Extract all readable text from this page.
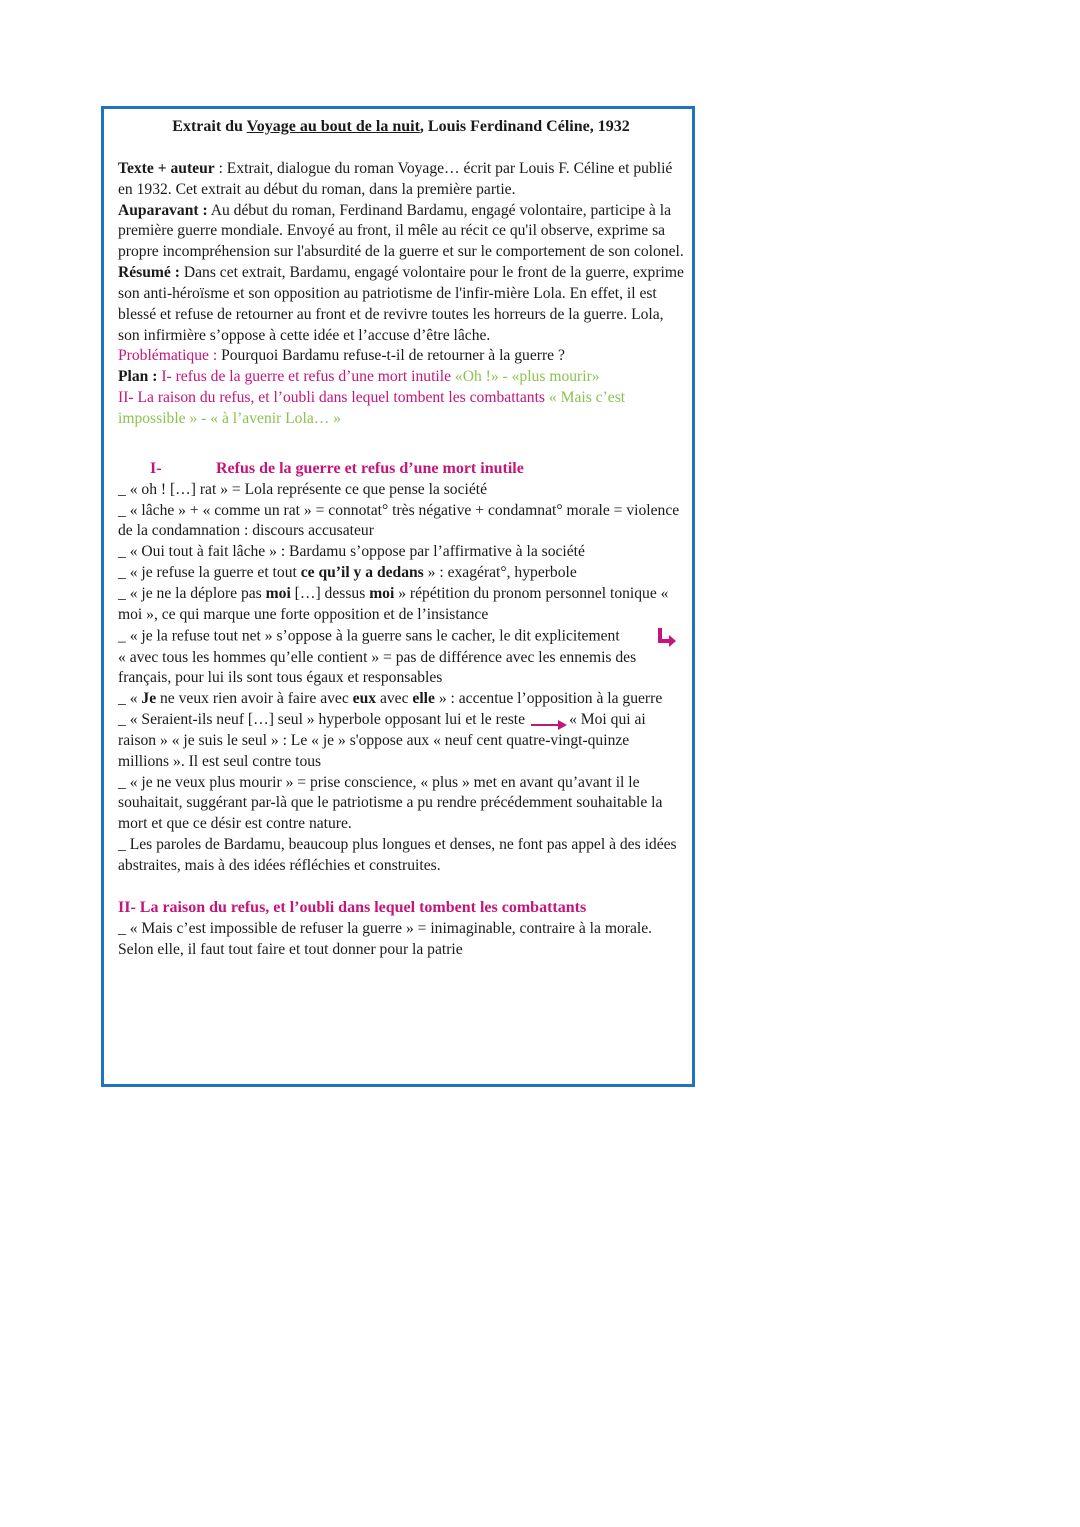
Extrait du Voyage au bout de la nuit, Louis Ferdinand Céline, 1932

Texte + auteur : Extrait, dialogue du roman Voyage… écrit par Louis F. Céline et publié en 1932. Cet extrait au début du roman, dans la première partie.

Auparavant : Au début du roman, Ferdinand Bardamu, engagé volontaire, participe à la première guerre mondiale. Envoyé au front, il mêle au récit ce qu'il observe, exprime sa propre incompréhension sur l'absurdité de la guerre et sur le comportement de son colonel.

Résumé : Dans cet extrait, Bardamu, engagé volontaire pour le front de la guerre, exprime son anti-héroïsme et son opposition au patriotisme de l'infir-mière Lola. En effet, il est blessé et refuse de retourner au front et de revivre toutes les horreurs de la guerre. Lola, son infirmière s’oppose à cette idée et l’accuse d’être lâche.

Problématique : Pourquoi Bardamu refuse-t-il de retourner à la guerre ?

Plan : I- refus de la guerre et refus d’une mort inutile «Oh !» - «plus mourir»

II- La raison du refus, et l’oubli dans lequel tombent les combattants « Mais c’est impossible » - « à l’avenir Lola… »

I-	Refus de la guerre et refus d’une mort inutile

_ « oh ! […] rat » = Lola représente ce que pense la société

_ « lâche » + « comme un rat » = connotat° très négative + condamnat° morale = violence de la condamnation : discours accusateur

_ « Oui tout à fait lâche » : Bardamu s’oppose par l’affirmative à la société

_ « je refuse la guerre et tout ce qu’il y a dedans » : exagérat°, hyperbole

_ « je ne la déplore pas moi […] dessus moi » répétition du pronom personnel tonique « moi », ce qui marque une forte opposition et de l’insistance

_ « je la refuse tout net » s’oppose à la guerre sans le cacher, le dit explicitement« avec tous les hommes qu’elle contient » = pas de différence avec les ennemis des français, pour lui ils sont tous égaux et responsables

_ « Je ne veux rien avoir à faire avec eux avec elle » : accentue l’opposition à la guerre

_ « Seraient-ils neuf […] seul » hyperbole opposant lui et le reste	« Moi qui ai raison » « je suis le seul » : Le « je » s'oppose aux « neuf cent quatre-vingt-quinze millions ». Il est seul contre tous

_ « je ne veux plus mourir » = prise conscience, « plus » met en avant qu’avant il le souhaitait, suggérant par-là que le patriotisme a pu rendre précédemment souhaitable la mort et que ce désir est contre nature.

_ Les paroles de Bardamu, beaucoup plus longues et denses, ne font pas appel à des idées abstraites, mais à des idées réfléchies et construites.

II- La raison du refus, et l’oubli dans lequel tombent les combattants

_ « Mais c’est impossible de refuser la guerre » = inimaginable, contraire à la morale. Selon elle, il faut tout faire et tout donner pour la patrie
